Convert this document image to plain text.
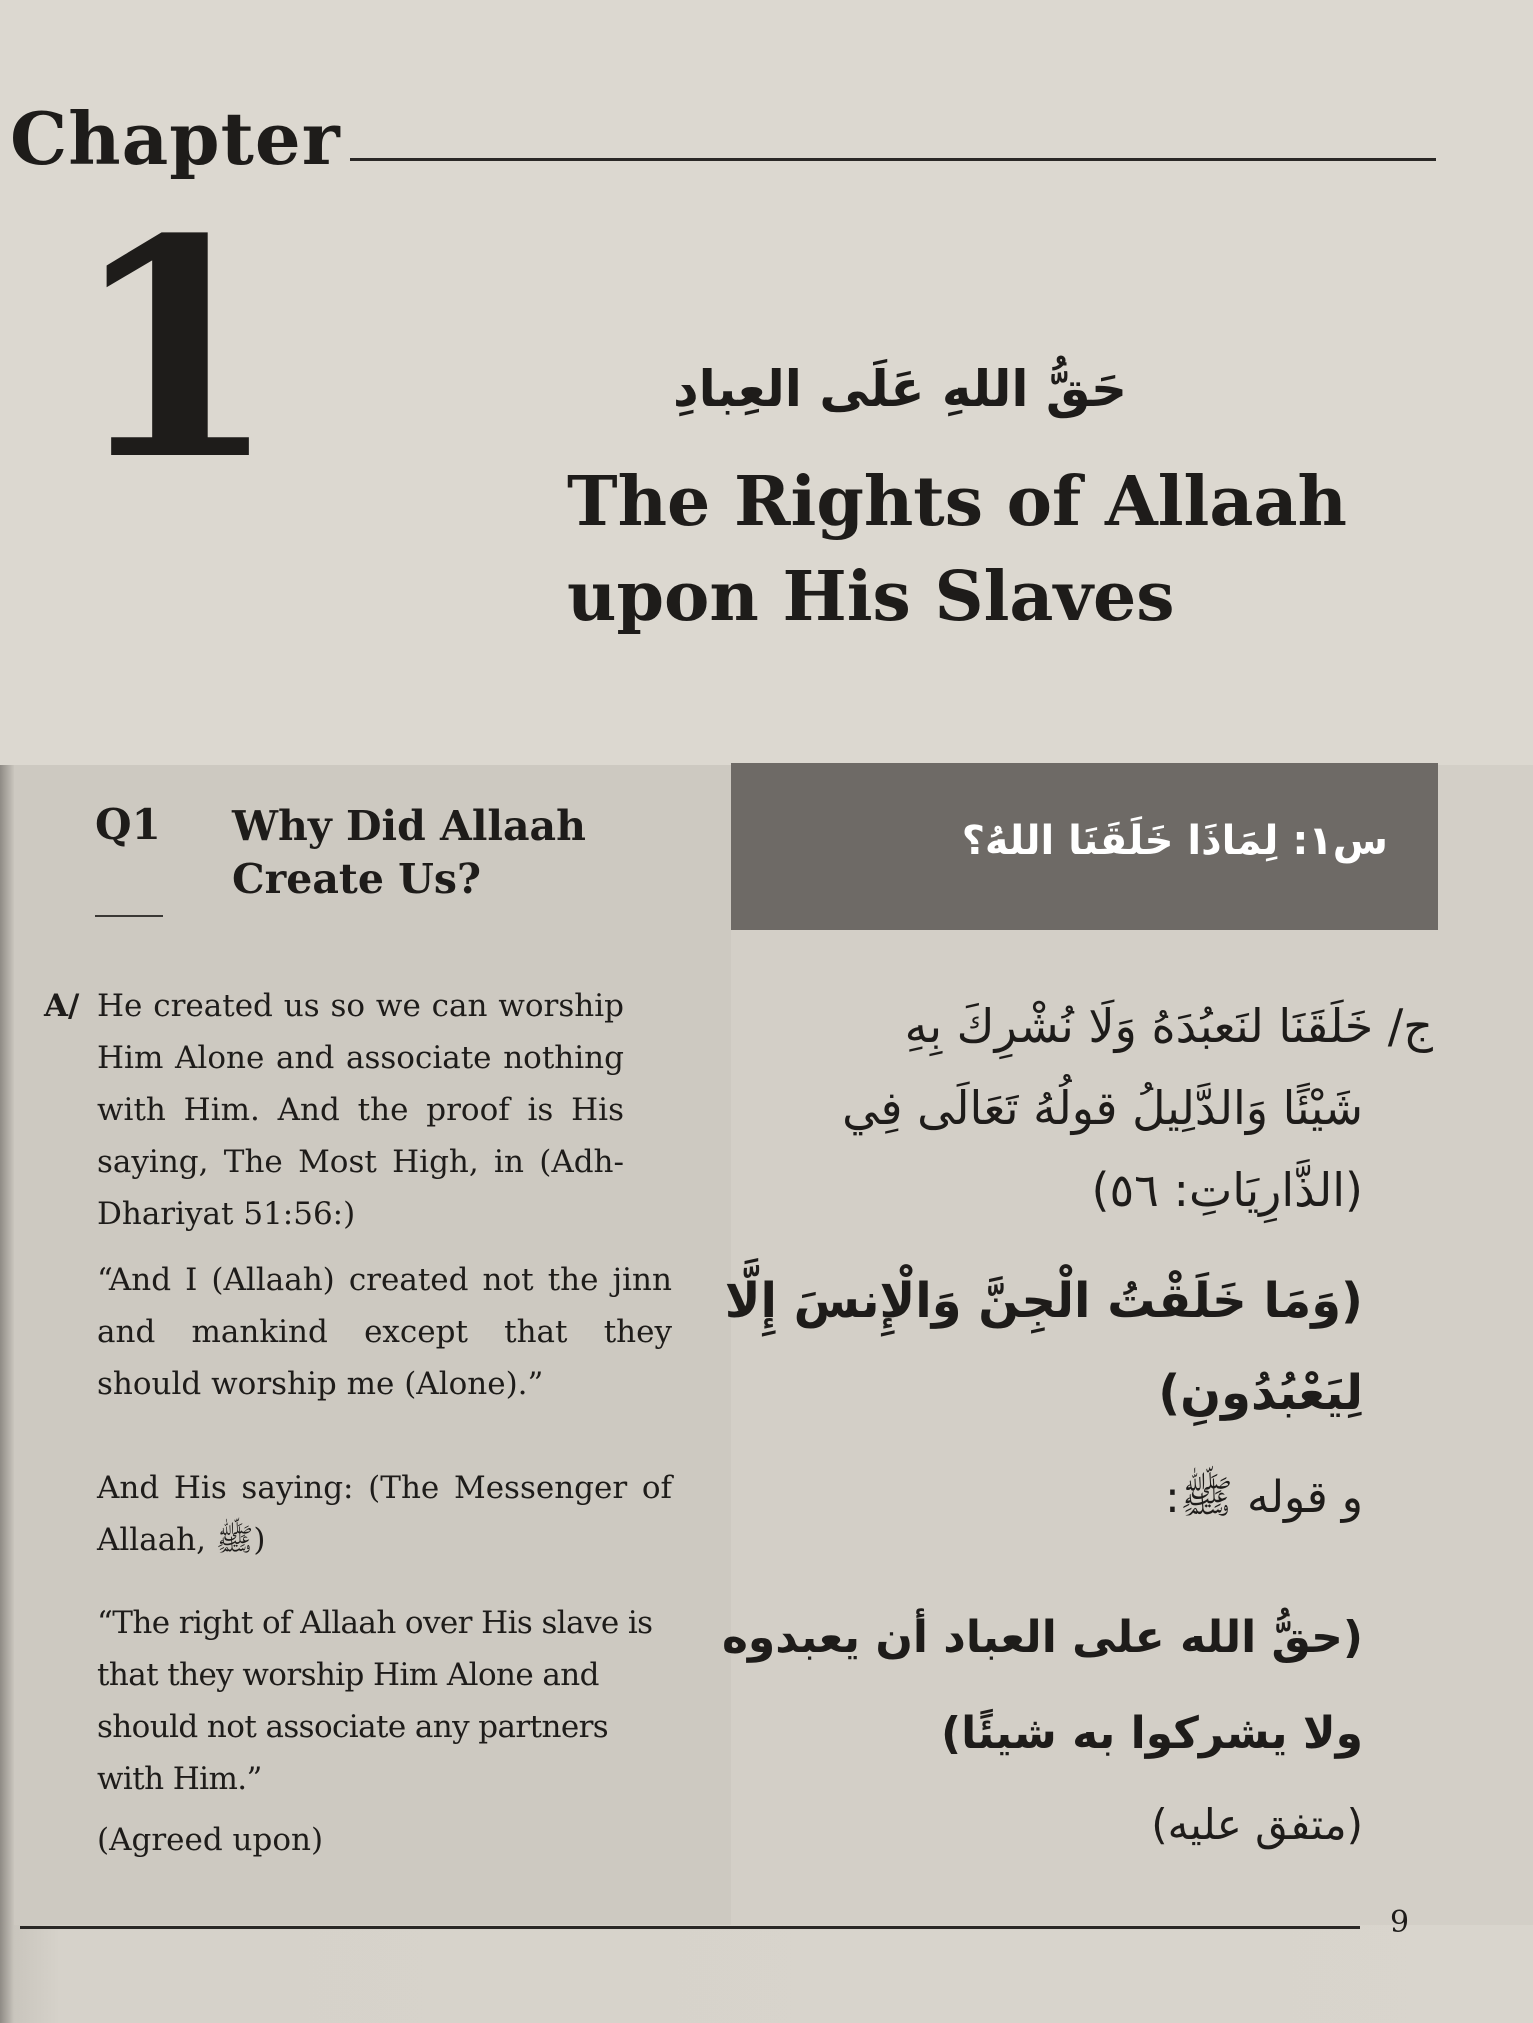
Chapter
1	حَقُّ اللهِ عَلَى العِبادِ
The Rights of Allaah
upon His Slaves
Q1 Why Did Allaah
Create Us?
س١: لِمَاذَا خَلَقَنَا اللهُ؟
A/ He created us so we can worship Him Alone and associate nothing with Him. And the proof is His saying, The Most High, in (Adh-Dhariyat 51:56:)
“And I (Allaah) created not the jinn and mankind except that they should worship me (Alone).”
And His saying: (The Messenger of Allaah, ﷺ)
“The right of Allaah over His slave is that they worship Him Alone and should not associate any partners with Him.”
(Agreed upon)
ج/ خَلَقَنَا لنَعبُدَهُ وَلَا نُشْرِكَ بِهِ
شَيْئًا وَالدَّلِيلُ قولُهُ تَعَالَى فِي
(الذَّارِيَاتِ: ٥٦)
(وَمَا خَلَقْتُ الْجِنَّ وَالْإِنسَ إِلَّا
لِيَعْبُدُونِ)
و قوله ﷺ:
(حقُّ الله على العباد أن يعبدوه
ولا يشركوا به شيئًا)
(متفق عليه)
9
